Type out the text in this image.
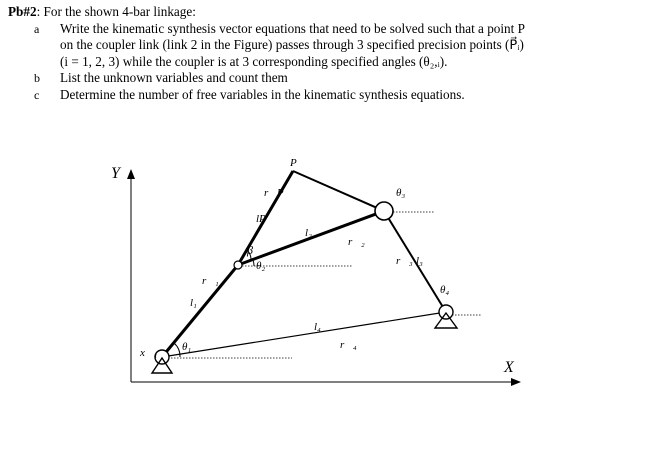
Pb#2: For the shown 4-bar linkage:

a Write the kinematic synthesis vector equations that need to be solved such that a point P
on the coupler link (link 2 in the Figure) passes through 3 specified precision points (P⃗ᵢ)
(i = 1, 2, 3) while the coupler is at 3 corresponding specified angles (θ₂,ᵢ).
b List the unknown variables and count them
c Determine the number of free variables in the kinematic synthesis equations.
Y
X
P
r⃗P
lP
β
θ₂
l₂
r⃗₂
θ₃
r⃗₃ l₃
θ₄
r⃗₁
l₁
l₄
r⃗₄
θ₁
x⃗₁
